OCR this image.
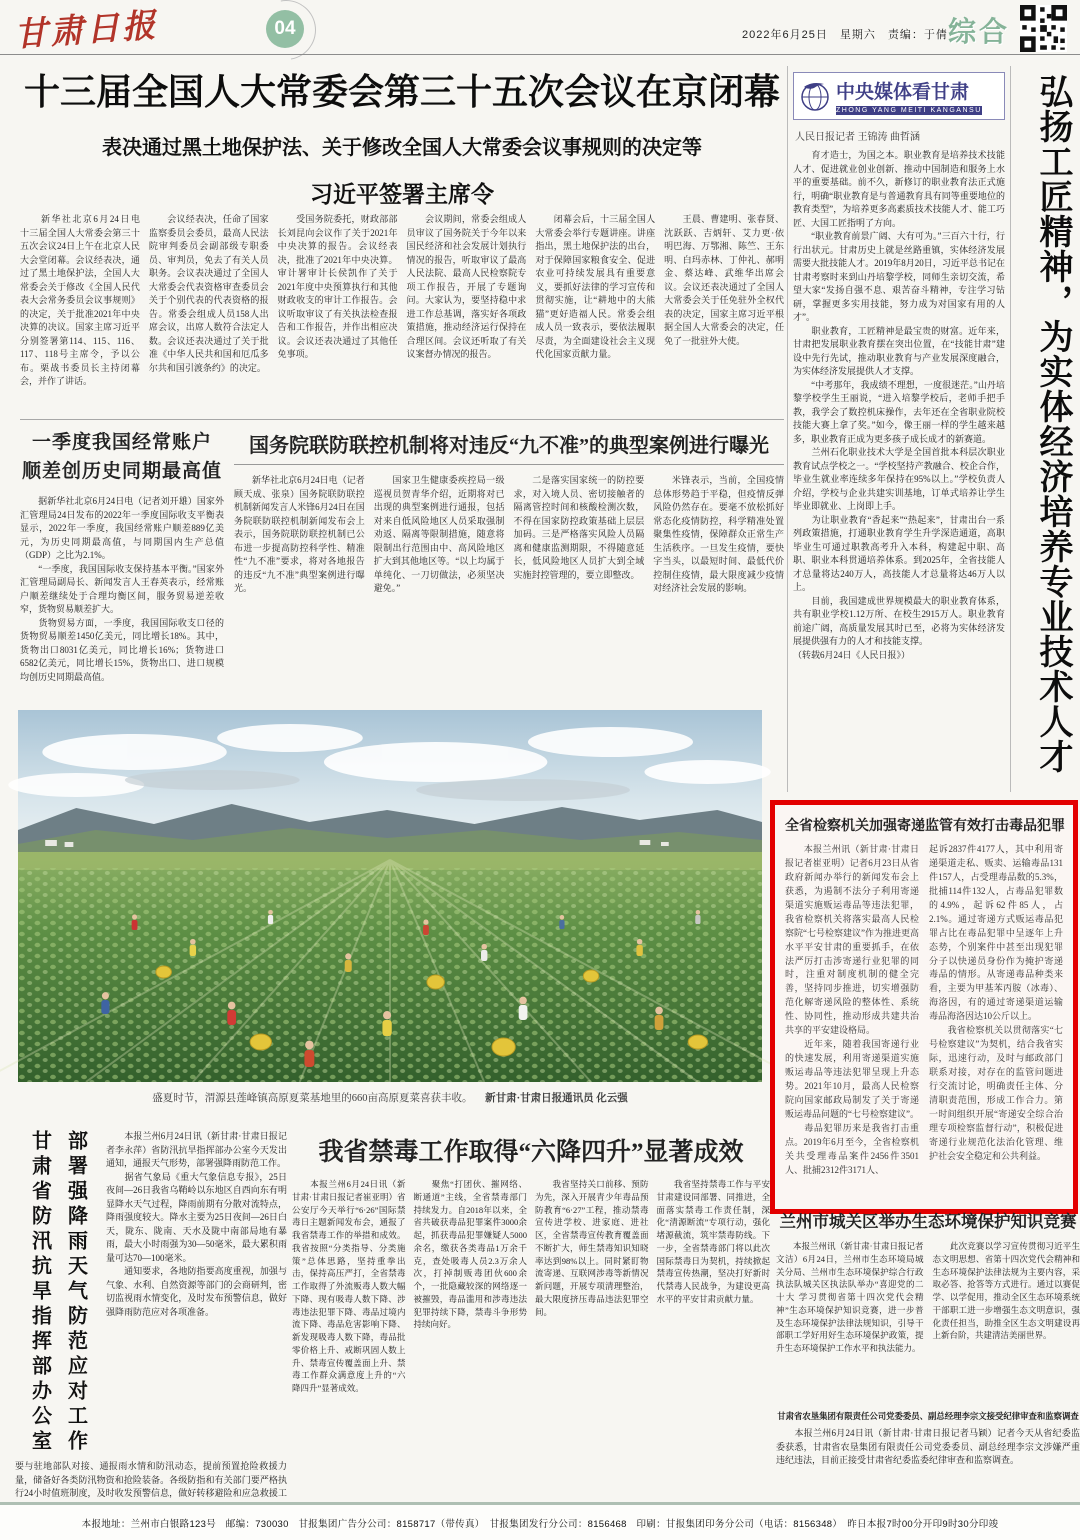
甘肃日报	04	2022年6月25日　星期六　责编：于倩 综合
十三届全国人大常委会第三十五次会议在京闭幕
表决通过黑土地保护法、关于修改全国人大常委会议事规则的决定等
习近平签署主席令
　　新华社北京6月24日电　十三届全国人大常委会第三十五次会议24日上午在北京人民大会堂闭幕。会议经表决，通过了黑土地保护法，全国人大常委会关于修改《全国人民代表大会常务委员会议事规则》的决定，关于批准2021年中央决算的决议。国家主席习近平分别签署第114、115、116、117、118号主席令，予以公布。栗战书委员长主持闭幕会，并作了讲话。
　　会议经表决，任命了国家监察委员会委员，最高人民法院审判委员会副部级专职委员、审判员，免去了有关人员职务。会议表决通过了全国人大常委会代表资格审查委员会关于个别代表的代表资格的报告。常委会组成人员158人出席会议，出席人数符合法定人数。会议还表决通过了关于批准《中华人民共和国和厄瓜多尔共和国引渡条约》的决定。
　　受国务院委托，财政部部长刘昆向会议作了关于2021年中央决算的报告。会议经表决，批准了2021年中央决算。审计署审计长侯凯作了关于2021年度中央预算执行和其他财政收支的审计工作报告。会议听取审议了有关执法检查报告和工作报告，并作出相应决议。会议还表决通过了其他任免事项。
　　会议期间，常委会组成人员审议了国务院关于今年以来国民经济和社会发展计划执行情况的报告，听取审议了最高人民法院、最高人民检察院专项工作报告，开展了专题询问。大家认为，要坚持稳中求进工作总基调，落实好各项政策措施，推动经济运行保持在合理区间。会议还听取了有关议案督办情况的报告。
　　闭幕会后，十三届全国人大常委会举行专题讲座。讲座指出，黑土地保护法的出台，对于保障国家粮食安全、促进农业可持续发展具有重要意义，要抓好法律的学习宣传和贯彻实施，让“耕地中的大熊猫”更好造福人民。常委会组成人员一致表示，要依法履职尽责，为全面建设社会主义现代化国家贡献力量。
　　王晨、曹建明、张春贤、沈跃跃、吉炳轩、艾力更·依明巴海、万鄂湘、陈竺、王东明、白玛赤林、丁仲礼、郝明金、蔡达峰、武维华出席会议。会议还表决通过了全国人大常委会关于任免驻外全权代表的决定，国家主席习近平根据全国人大常委会的决定，任免了一批驻外大使。
一季度我国经常账户
顺差创历史同期最高值
　　据新华社北京6月24日电（记者刘开雄）国家外汇管理局24日发布的2022年一季度国际收支平衡表显示，2022年一季度，我国经常账户顺差889亿美元，为历史同期最高值，与同期国内生产总值（GDP）之比为2.1%。
　　“一季度，我国国际收支保持基本平衡。”国家外汇管理局副局长、新闻发言人王春英表示，经常账户顺差继续处于合理均衡区间，服务贸易逆差收窄，货物贸易顺差扩大。
　　货物贸易方面，一季度，我国国际收支口径的货物贸易顺差1450亿美元，同比增长18%。其中，货物出口8031亿美元，同比增长16%；货物进口6582亿美元，同比增长15%，货物出口、进口规模均创历史同期最高值。
国务院联防联控机制将对违反“九不准”的典型案例进行曝光
　　新华社北京6月24日电（记者顾天成、张泉）国务院联防联控机制新闻发言人米锋6月24日在国务院联防联控机制新闻发布会上表示，国务院联防联控机制已公布进一步提高防控科学性、精准性“九不准”要求，将对各地报告的违反“九不准”典型案例进行曝光。
　　国家卫生健康委疾控局一级巡视员贺青华介绍，近期将对已出现的典型案例进行通报，包括对来自低风险地区人员采取强制劝返、隔离等限制措施，随意将限制出行范围由中、高风险地区扩大到其他地区等。“以上均属于单纯化、一刀切做法，必须坚决避免。”
　　二是落实国家统一的防控要求，对入境人员、密切接触者的隔离管控时间和核酸检测次数，不得在国家防控政策基础上层层加码。三是严格落实风险人员隔离和健康监测期限，不得随意延长，低风险地区人员扩大到全域实施封控管理的，要立即整改。
　　米锋表示，当前，全国疫情总体形势趋于平稳，但疫情反弹风险仍然存在。要毫不放松抓好常态化疫情防控，科学精准处置聚集性疫情，保障群众正常生产生活秩序。一旦发生疫情，要快字当头，以最短时间、最低代价控制住疫情，最大限度减少疫情对经济社会发展的影响。
中央媒体看甘肃
ZHONG YANG MEITI KANGANSU
人民日报记者 王锦涛 曲哲涵
　　育才造士，为国之本。职业教育是培养技术技能人才、促进就业创业创新、推动中国制造和服务上水平的重要基础。前不久，新修订的职业教育法正式施行，明确“职业教育是与普通教育具有同等重要地位的教育类型”，为培养更多高素质技术技能人才、能工巧匠、大国工匠指明了方向。
　　“职业教育前景广阔、大有可为。”三百六十行，行行出状元。甘肃历史上就是丝路重镇，实体经济发展需要大批技能人才。2019年8月20日，习近平总书记在甘肃考察时来到山丹培黎学校，同师生亲切交流，希望大家“发扬自强不息、艰苦奋斗精神，专注学习钻研，掌握更多实用技能，努力成为对国家有用的人才”。
　　职业教育，工匠精神是最宝贵的财富。近年来，甘肃把发展职业教育摆在突出位置，在“技能甘肃”建设中先行先试，推动职业教育与产业发展深度融合，为实体经济发展提供人才支撑。
　　“中考那年，我成绩不理想，一度很迷茫。”山丹培黎学校学生王丽说，“进入培黎学校后，老师手把手教，我学会了数控机床操作，去年还在全省职业院校技能大赛上拿了奖。”如今，像王丽一样的学生越来越多，职业教育正成为更多孩子成长成才的新赛道。
　　兰州石化职业技术大学是全国首批本科层次职业教育试点学校之一。“学校坚持产教融合、校企合作，毕业生就业率连续多年保持在95%以上。”学校负责人介绍，学校与企业共建实训基地，订单式培养让学生毕业即就业、上岗即上手。
　　为让职业教育“香起来”“热起来”，甘肃出台一系列政策措施，打通职业教育学生升学深造通道，高职毕业生可通过职教高考升入本科，构建起中职、高职、职业本科贯通培养体系。到2025年，全省技能人才总量将达240万人，高技能人才总量将达46万人以上。
　　目前，我国建成世界规模最大的职业教育体系，共有职业学校1.12万所、在校生2915万人。职业教育前途广阔，高质量发展其时已至，必将为实体经济发展提供强有力的人才和技能支撑。
（转载6月24日《人民日报》）	弘扬工匠精神，为实体经济培养专业技术人才
盛夏时节，渭源县莲峰镇高原夏菜基地里的660亩高原夏菜喜获丰收。 新甘肃·甘肃日报通讯员 化云强
全省检察机关加强寄递监管有效打击毒品犯罪
　　本报兰州讯（新甘肃·甘肃日报记者崔亚明）记者6月23日从省政府新闻办举行的新闻发布会上获悉，为遏制不法分子利用寄递渠道实施贩运毒品等违法犯罪，我省检察机关将落实最高人民检察院“七号检察建议”作为推进更高水平平安甘肃的重要抓手，在依法严厉打击涉寄递行业犯罪的同时，注重对制度机制的健全完善，坚持同步推进，切实增强防范化解寄递风险的整体性、系统性、协同性，推动形成共建共治共享的平安建设格局。
　　近年来，随着我国寄递行业的快速发展，利用寄递渠道实施贩运毒品等违法犯罪呈现上升态势。2021年10月，最高人民检察院向国家邮政局制发了关于寄递贩运毒品问题的“七号检察建议”。
　　毒品犯罪历来是我省打击重点。2019年6月至今，全省检察机关共受理毒品案件2456件3501人、批捕2312件3171人、
起诉2837件4177人，其中利用寄递渠道走私、贩卖、运输毒品131件157人，占受理毒品数的5.3%，批捕114件132人，占毒品犯罪数的4.9%，起诉62件85人，占2.1%。通过寄递方式贩运毒品犯罪占比在毒品犯罪中呈逐年上升态势，个别案件中甚至出现犯罪分子以快递员身份作为掩护寄递毒品的情形。从寄递毒品种类来看，主要为甲基苯丙胺（冰毒）、海洛因，有的通过寄递渠道运输毒品海洛因达10公斤以上。
　　我省检察机关以贯彻落实“七号检察建议”为契机，结合我省实际，迅速行动，及时与邮政部门联系对接，对存在的监管问题进行交流讨论，明确责任主体、分清职责范围，形成工作合力。第一时间组织开展“寄递安全综合治理专项检察监督行动”，积极促进寄递行业规范化法治化管理、维护社会安全稳定和公共利益。
甘肃省防汛抗旱指挥部办公室 部署强降雨天气防范应对工作	　　本报兰州6月24日讯（新甘肃·甘肃日报记者李永萍）省防汛抗旱指挥部办公室今天发出通知，通报天气形势，部署强降雨防范工作。
　　据省气象局《重大气象信息专报》，25日夜间—26日我省乌鞘岭以东地区自西向东有明显降水天气过程，降雨前期有分散对流特点，降雨强度较大。降水主要为25日夜间—26日白天，陇东、陇南、天水及陇中南部局地有暴雨，最大小时雨强为30—50毫米，最大累积雨量可达70—100毫米。
　　通知要求，各地防指要高度重视，加强与气象、水利、自然资源等部门的会商研判，密切监视雨水情变化，及时发布预警信息，做好强降雨防范应对各项准备。
要与驻地部队对接、通报雨水情和防汛动态，提前预置抢险救援力量，储备好各类防汛物资和抢险装备。各级防指和有关部门要严格执行24小时值班制度，及时收发预警信息，做好转移避险和应急救援工
我省禁毒工作取得“六降四升”显著成效
　　本报兰州6月24日讯（新甘肃·甘肃日报记者崔亚明）省公安厅今天举行“6·26”国际禁毒日主题新闻发布会，通报了我省禁毒工作的举措和成效。我省按照“分类指导、分类施策”总体思路，坚持重拳出击，保持高压严打，全省禁毒工作取得了外流贩毒人数大幅下降、现有吸毒人数下降、涉毒违法犯罪下降、毒品过境内流下降、毒品危害影响下降、新发现吸毒人数下降，毒品批零价格上升、戒断巩固人数上升、禁毒宣传覆盖面上升、禁毒工作群众满意度上升的“六降四升”显著成效。
　　聚焦“打团伙、摧网络、断通道”主线，全省禁毒部门持续发力。自2018年以来，全省共破获毒品犯罪案件3000余起，抓获毒品犯罪嫌疑人5000余名，缴获各类毒品1万余千克，查处吸毒人员2.3万余人次，打掉制贩毒团伙600余个，一批隐藏较深的网络逐一被摧毁，毒品滥用和涉毒违法犯罪持续下降，禁毒斗争形势持续向好。
　　我省坚持关口前移、预防为先，深入开展青少年毒品预防教育“6·27”工程，推动禁毒宣传进学校、进家庭、进社区，全省禁毒宣传教育覆盖面不断扩大，师生禁毒知识知晓率达到98%以上。同时紧盯物流寄递、互联网涉毒等新情况新问题，开展专项清理整治，最大限度挤压毒品违法犯罪空间。
　　我省坚持禁毒工作与平安甘肃建设同部署、同推进，全面落实禁毒工作责任制，深化“清源断流”专项行动，强化堵源截流，筑牢禁毒防线。下一步，全省禁毒部门将以此次国际禁毒日为契机，持续掀起禁毒宣传热潮，坚决打好新时代禁毒人民战争，为建设更高水平的平安甘肃贡献力量。
兰州市城关区举办生态环境保护知识竞赛
　　本报兰州讯（新甘肃·甘肃日报记者文洁）6月24日，兰州市生态环境局城关分局、兰州市生态环境保护综合行政执法队城关区执法队举办“喜迎党的二十大 学习贯彻省第十四次党代会精神”生态环境保护知识竞赛，进一步普及生态环境保护法律法规知识，引导干部职工学好用好生态环境保护政策，提升生态环境保护工作水平和执法能力。
　　此次竞赛以学习宣传贯彻习近平生态文明思想、省第十四次党代会精神和生态环境保护法律法规为主要内容，采取必答、抢答等方式进行。通过以赛促学、以学促用，推动全区生态环境系统干部职工进一步增强生态文明意识，强化责任担当，助推全区生态文明建设再上新台阶，共建清洁美丽世界。
甘肃省农垦集团有限责任公司党委委员、副总经理李宗文接受纪律审查和监察调查
　　本报兰州6月24日讯（新甘肃·甘肃日报记者马颖）记者今天从省纪委监委获悉，甘肃省农垦集团有限责任公司党委委员、副总经理李宗文涉嫌严重违纪违法，目前正接受甘肃省纪委监委纪律审查和监察调查。
本报地址：兰州市白银路123号　邮编：730030　甘报集团广告分公司：8158717（带传真）　甘报集团发行分公司：8156468　印刷：甘报集团印务分公司（电话：8156348）　昨日本报7时00分开印9时30分印竣
